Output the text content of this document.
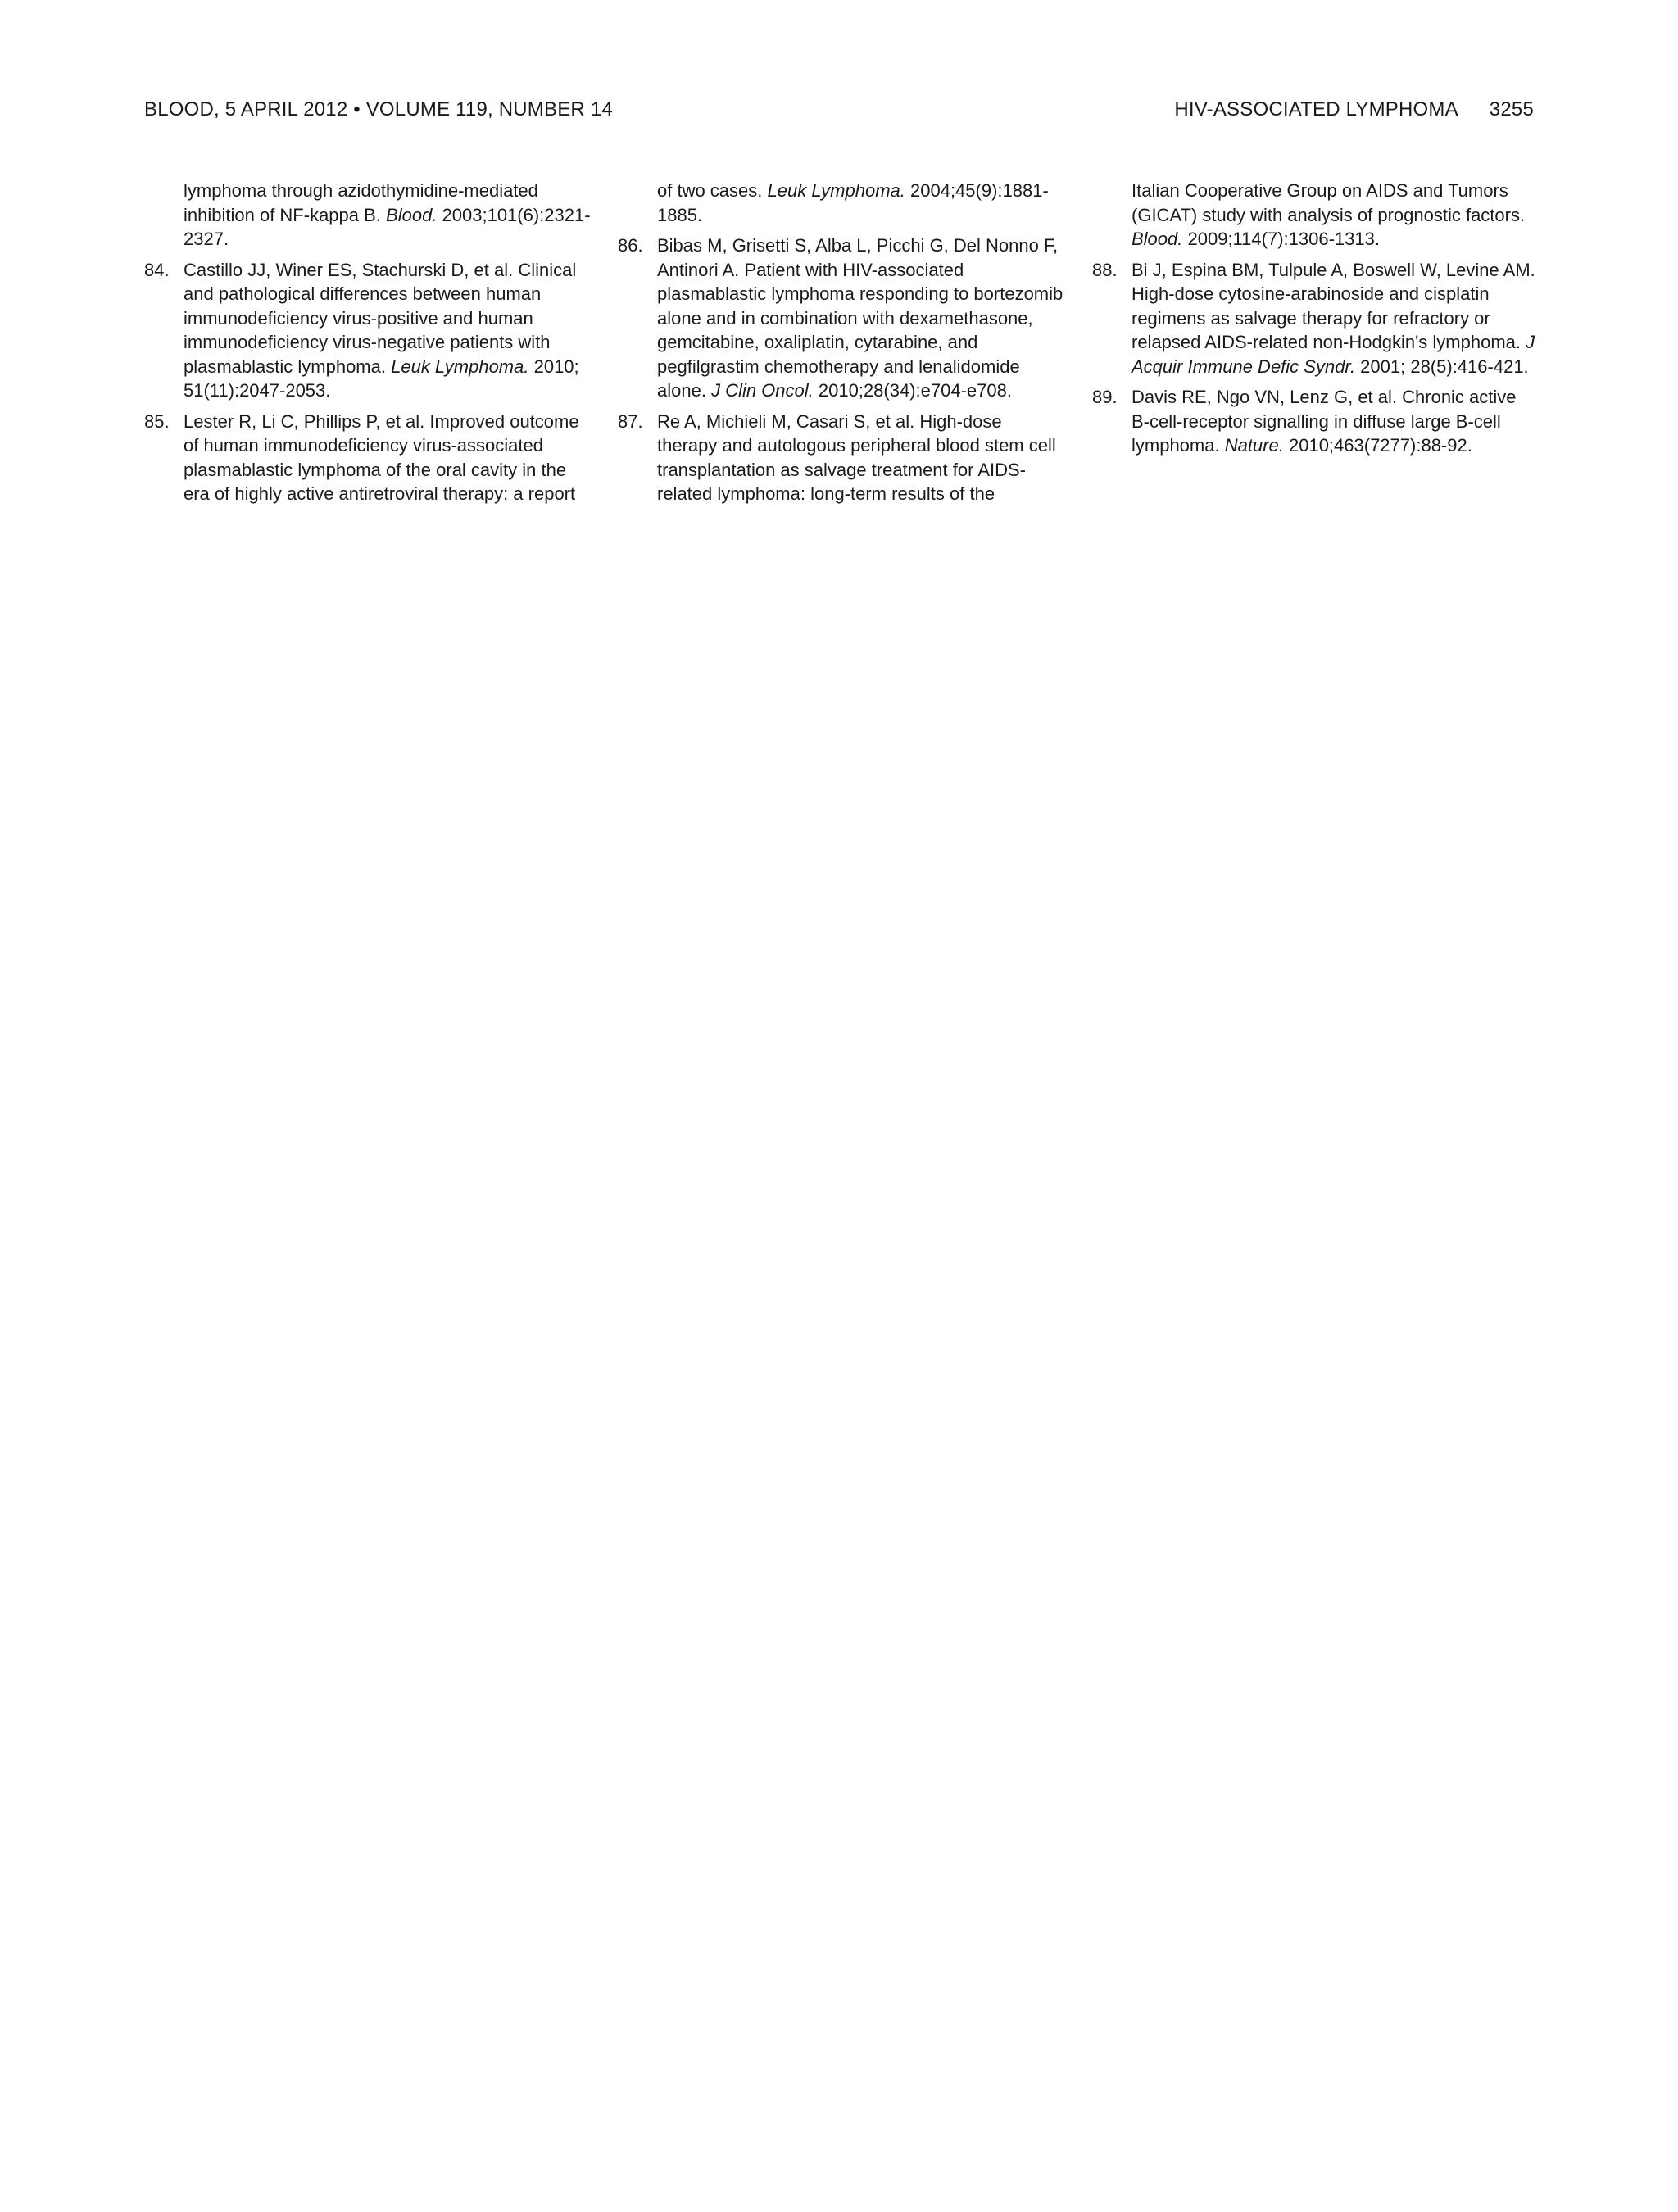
BLOOD, 5 APRIL 2012 • VOLUME 119, NUMBER 14	HIV-ASSOCIATED LYMPHOMA 3255
lymphoma through azidothymidine-mediated inhibition of NF-kappa B. Blood. 2003;101(6):2321-2327.
84. Castillo JJ, Winer ES, Stachurski D, et al. Clinical and pathological differences between human immunodeficiency virus-positive and human immunodeficiency virus-negative patients with plasmablastic lymphoma. Leuk Lymphoma. 2010; 51(11):2047-2053.
85. Lester R, Li C, Phillips P, et al. Improved outcome of human immunodeficiency virus-associated plasmablastic lymphoma of the oral cavity in the era of highly active antiretroviral therapy: a report
of two cases. Leuk Lymphoma. 2004;45(9):1881-1885.
86. Bibas M, Grisetti S, Alba L, Picchi G, Del Nonno F, Antinori A. Patient with HIV-associated plasmablastic lymphoma responding to bortezomib alone and in combination with dexamethasone, gemcitabine, oxaliplatin, cytarabine, and pegfilgrastim chemotherapy and lenalidomide alone. J Clin Oncol. 2010;28(34):e704-e708.
87. Re A, Michieli M, Casari S, et al. High-dose therapy and autologous peripheral blood stem cell transplantation as salvage treatment for AIDS-related lymphoma: long-term results of the
Italian Cooperative Group on AIDS and Tumors (GICAT) study with analysis of prognostic factors. Blood. 2009;114(7):1306-1313.
88. Bi J, Espina BM, Tulpule A, Boswell W, Levine AM. High-dose cytosine-arabinoside and cisplatin regimens as salvage therapy for refractory or relapsed AIDS-related non-Hodgkin's lymphoma. J Acquir Immune Defic Syndr. 2001; 28(5):416-421.
89. Davis RE, Ngo VN, Lenz G, et al. Chronic active B-cell-receptor signalling in diffuse large B-cell lymphoma. Nature. 2010;463(7277):88-92.
